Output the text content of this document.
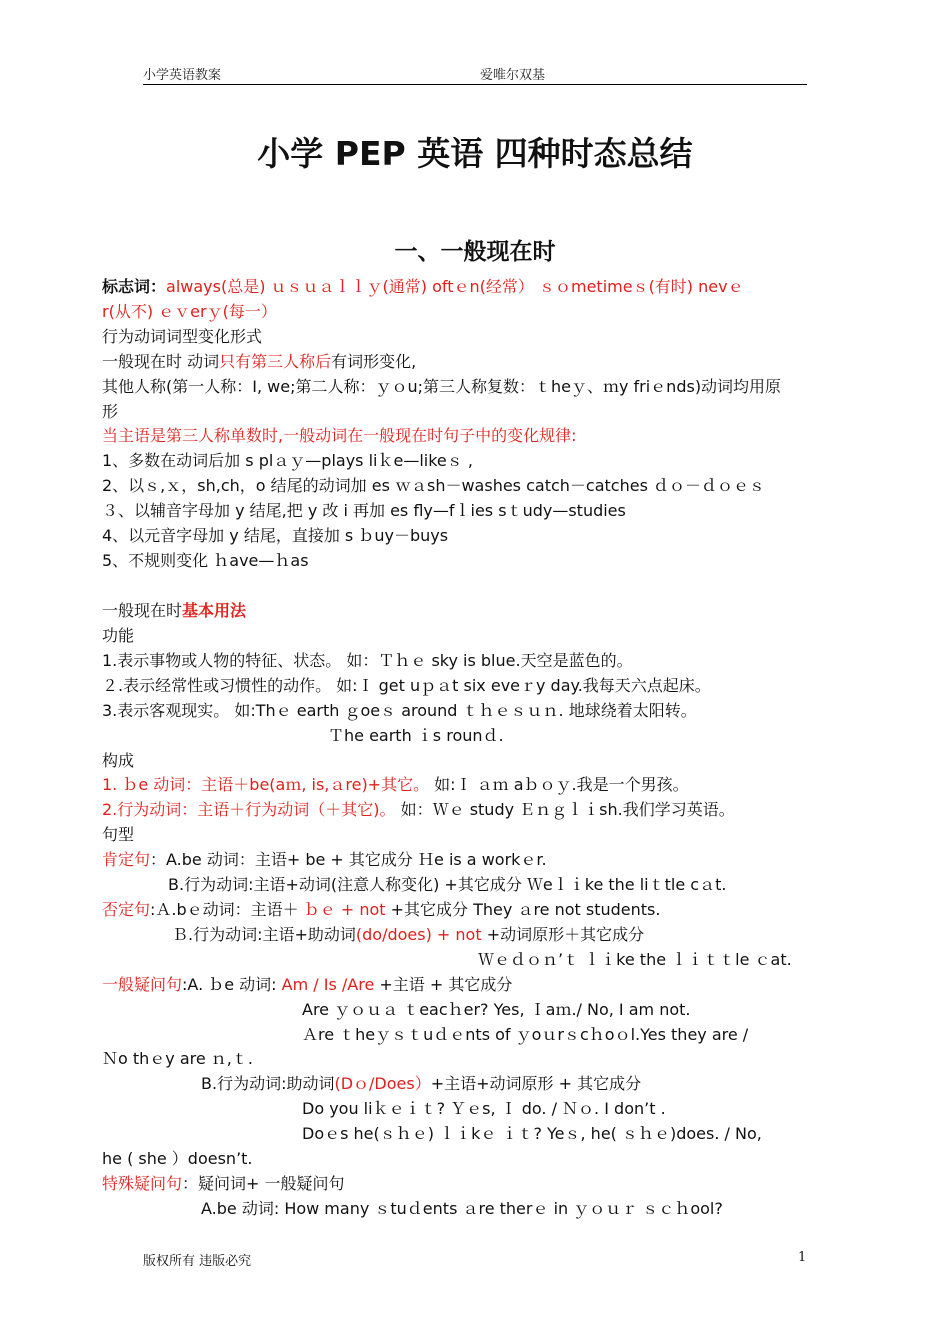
小学英语教案	爱唯尔双基
小学 PEP 英语 四种时态总结
一、一般现在时
标志词：always(总是) ｕｓｕａｌｌｙ(通常) oftｅn(经常） ｓｏmetimeｓ(有时) nevｅ
r(从不) ｅｖerｙ(每一）
行为动词词型变化形式
一般现在时 动词只有第三人称后有词形变化,
其他人称(第一人称：I, we;第二人称：ｙｏu;第三人称复数：ｔheｙ、ｍy friｅnds)动词均用原
形
当主语是第三人称单数时,一般动词在一般现在时句子中的变化规律:
1、多数在动词后加 s plａｙ—plays liｋe—likeｓ ,
2、以ｓ,ｘ，sh,ch，o 结尾的动词加 es ｗａsh－washes catch－catches ｄｏ－ｄｏｅｓ
３、以辅音字母加 y 结尾,把 y 改 i 再加 es fly—fｌies sｔudy—studies
4、以元音字母加 y 结尾，直接加 s ｂuy－buys
5、不规则变化 ｈave—ｈas
一般现在时基本用法
功能
1.表示事物或人物的特征、状态。 如：Ｔｈｅ sky is blue.天空是蓝色的。
２.表示经常性或习惯性的动作。 如:Ｉ get uｐａt six eveｒy day.我每天六点起床。
3.表示客观现实。 如:Thｅ earth ｇoeｓ around ｔｈｅｓｕｎ. 地球绕着太阳转。
Ｔhe earth ｉs rounｄ.
构成
1. ｂe 动词：主语＋be(aｍ, is,ａre)+其它。 如:Ｉ ａｍ aｂｏｙ.我是一个男孩。
2.行为动词：主语＋行为动词（＋其它)。 如：Ｗｅ study Ｅｎｇｌｉsh.我们学习英语。
句型
肯定句：A.be 动词：主语+ be + 其它成分 Ｈe is a workｅr.
B.行为动词:主语+动词(注意人称变化) +其它成分 Ｗeｌｉke the liｔtle cａt.
否定句:Ａ.bｅ动词：主语＋ ｂｅ + not +其它成分 They ａre not students.
Ｂ.行为动词:主语+助动词(do/does) + not +动词原形＋其它成分
Ｗｅｄｏｎ’ｔ ｌｉke the ｌｉｔｔle ｃat.
一般疑问句:A. ｂe 动词: Am / Is /Are +主语 + 其它成分
Are ｙｏｕａ ｔeacｈer? Yes, Ｉaｍ./ No, I am not.
Ａre ｔheｙｓｔuｄｅnts of ｙoｕrｓcｈoｏl.Yes they are /
Ｎo thｅy are ｎ,ｔ.
B.行为动词:助动词(Dｏ/Does）+主语+动词原形 + 其它成分
Do you liｋｅｉｔ? Ｙｅs, Ｉ do. / Ｎｏ. I don’t .
Doｅs he(ｓｈｅ) ｌｉkｅ ｉｔ? Yeｓ, he( ｓｈｅ)does. / No,
he ( she ）doesn’t.
特殊疑问句：疑问词+ 一般疑问句
A.be 动词: How many ｓtuｄents ａre therｅ in ｙｏｕｒ ｓｃｈool?
版权所有 违版必究	1
